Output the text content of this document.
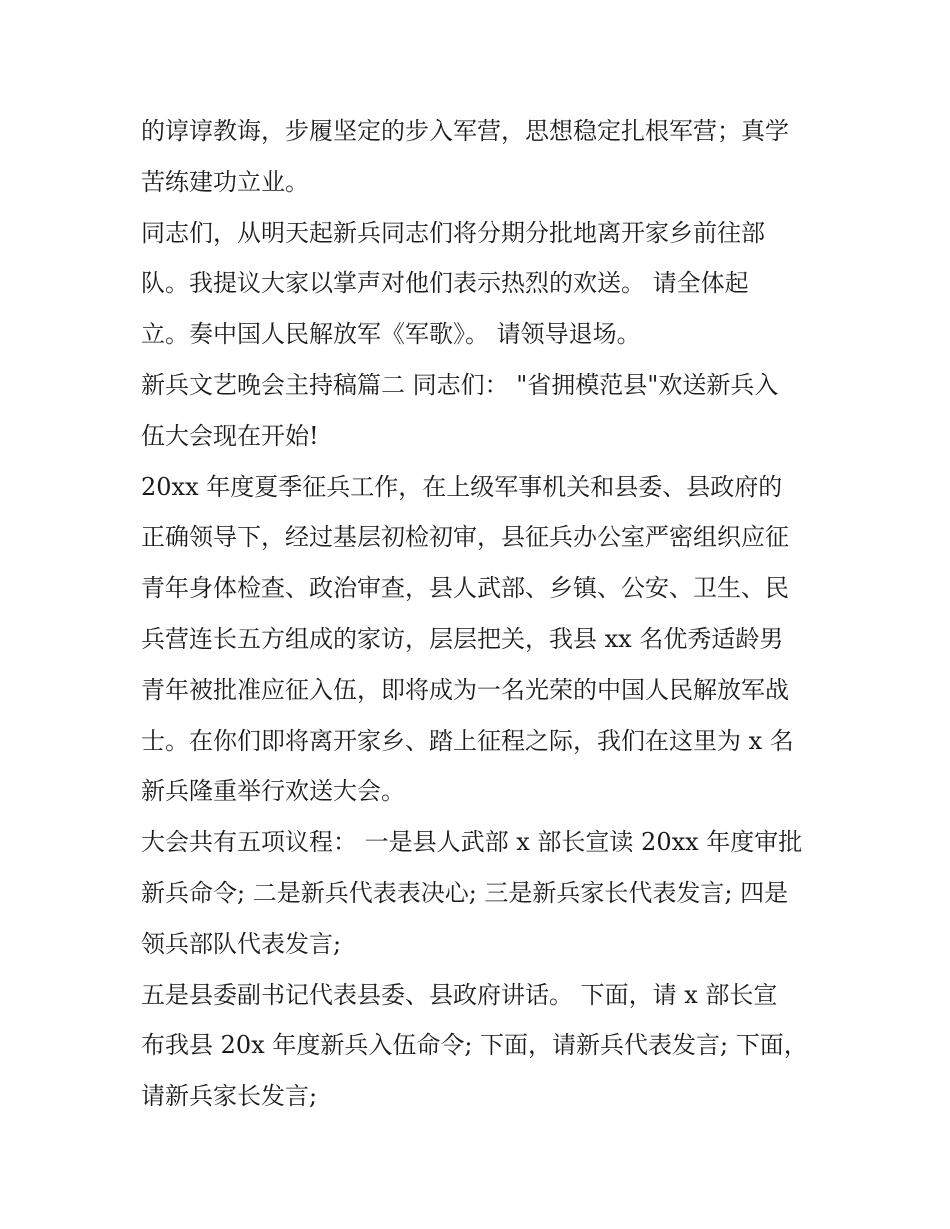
的谆谆教诲，步履坚定的步入军营，思想稳定扎根军营；真学
苦练建功立业。
同志们，从明天起新兵同志们将分期分批地离开家乡前往部
队。我提议大家以掌声对他们表示热烈的欢送。 请全体起
立。奏中国人民解放军《军歌》。 请领导退场。
新兵文艺晚会主持稿篇二 同志们： "省拥模范县"欢送新兵入
伍大会现在开始!
20xx 年度夏季征兵工作，在上级军事机关和县委、县政府的
正确领导下，经过基层初检初审，县征兵办公室严密组织应征
青年身体检查、政治审查，县人武部、乡镇、公安、卫生、民
兵营连长五方组成的家访，层层把关，我县 xx 名优秀适龄男
青年被批准应征入伍，即将成为一名光荣的中国人民解放军战
士。在你们即将离开家乡、踏上征程之际，我们在这里为 x 名
新兵隆重举行欢送大会。
大会共有五项议程： 一是县人武部 x 部长宣读 20xx 年度审批
新兵命令; 二是新兵代表表决心; 三是新兵家长代表发言; 四是
领兵部队代表发言;
五是县委副书记代表县委、县政府讲话。 下面，请 x 部长宣
布我县 20x 年度新兵入伍命令; 下面，请新兵代表发言; 下面，
请新兵家长发言;
